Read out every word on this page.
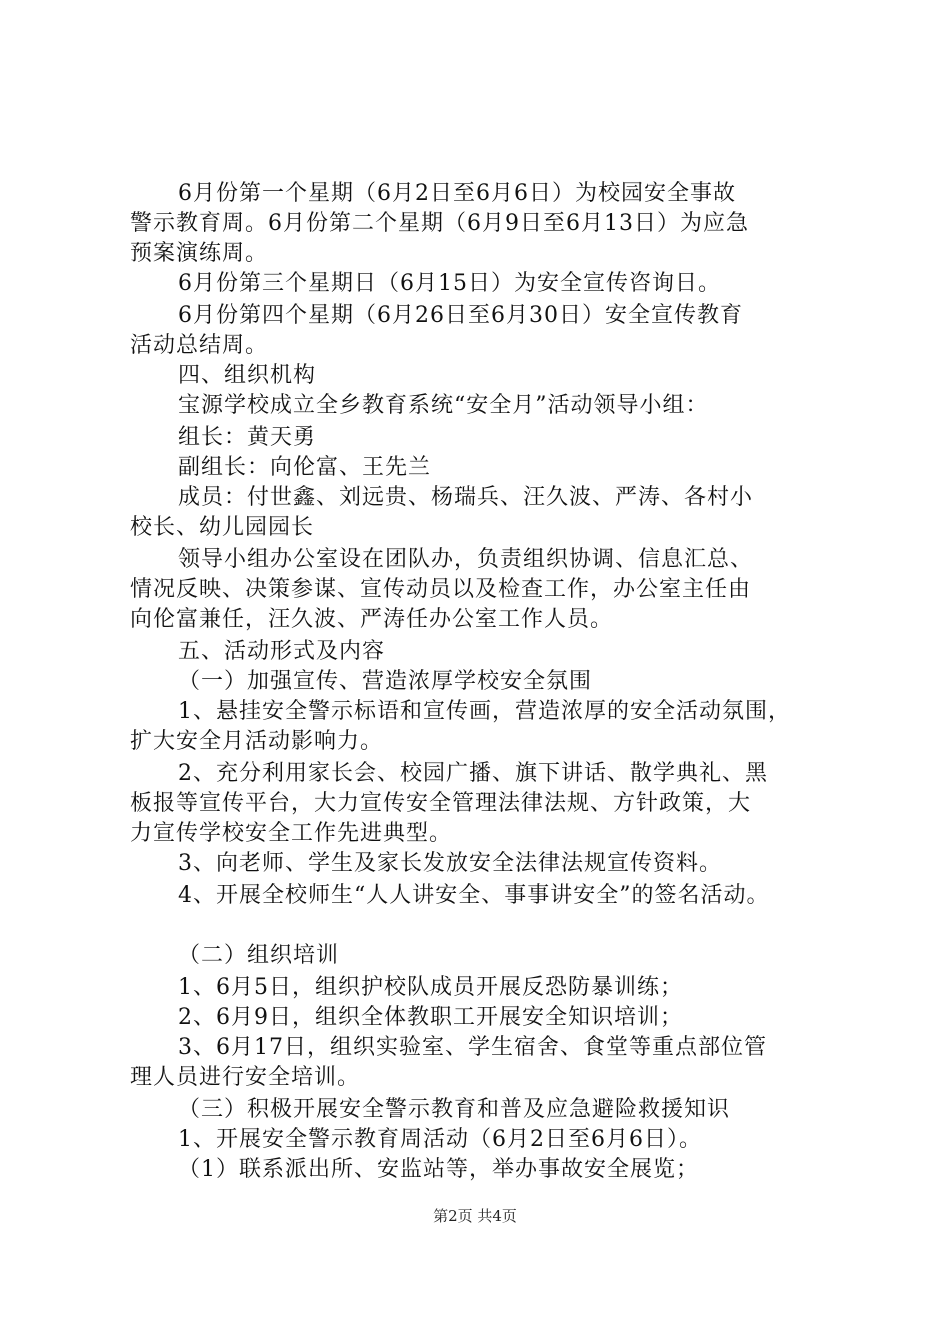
6月份第一个星期（6月2日至6月6日）为校园安全事故
警示教育周。6月份第二个星期（6月9日至6月13日）为应急
预案演练周。
6月份第三个星期日（6月15日）为安全宣传咨询日。
6月份第四个星期（6月26日至6月30日）安全宣传教育
活动总结周。
四、组织机构
宝源学校成立全乡教育系统“安全月”活动领导小组：
组长：黄天勇
副组长：向伦富、王先兰
成员：付世鑫、刘远贵、杨瑞兵、汪久波、严涛、各村小
校长、幼儿园园长
领导小组办公室设在团队办，负责组织协调、信息汇总、
情况反映、决策参谋、宣传动员以及检查工作，办公室主任由
向伦富兼任，汪久波、严涛任办公室工作人员。
五、活动形式及内容
（一）加强宣传、营造浓厚学校安全氛围
1、悬挂安全警示标语和宣传画，营造浓厚的安全活动氛围，
扩大安全月活动影响力。
2、充分利用家长会、校园广播、旗下讲话、散学典礼、黑
板报等宣传平台，大力宣传安全管理法律法规、方针政策，大
力宣传学校安全工作先进典型。
3、向老师、学生及家长发放安全法律法规宣传资料。
4、开展全校师生“人人讲安全、事事讲安全”的签名活动。
（二）组织培训
1、6月5日，组织护校队成员开展反恐防暴训练；
2、6月9日，组织全体教职工开展安全知识培训；
3、6月17日，组织实验室、学生宿舍、食堂等重点部位管
理人员进行安全培训。
（三）积极开展安全警示教育和普及应急避险救援知识
1、开展安全警示教育周活动（6月2日至6月6日）。
（1）联系派出所、安监站等，举办事故安全展览；
第2页 共4页
